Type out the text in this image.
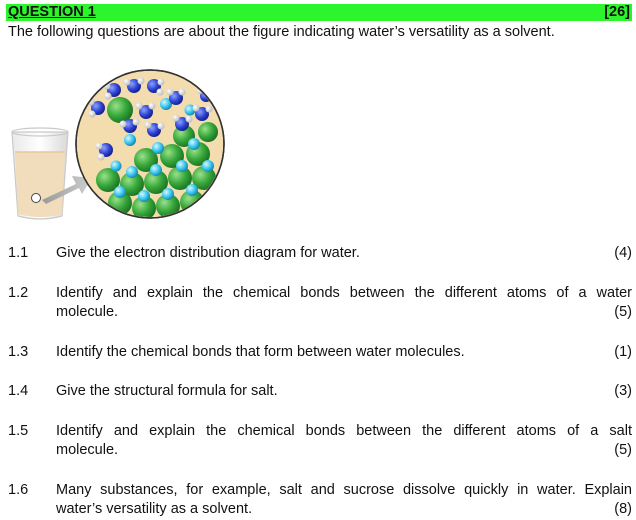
QUESTION 1	[26]
The following questions are about the figure indicating water’s versatility as a solvent.
1.1 Give the electron distribution diagram for water.	(4)
1.2 Identify and explain the chemical bonds between the different atoms of a water
molecule.	(5)
1.3 Identify the chemical bonds that form between water molecules.	(1)
1.4 Give the structural formula for salt.	(3)
1.5 Identify and explain the chemical bonds between the different atoms of a salt
molecule.	(5)
1.6 Many substances, for example, salt and sucrose dissolve quickly in water. Explain
water’s versatility as a solvent.	(8)
